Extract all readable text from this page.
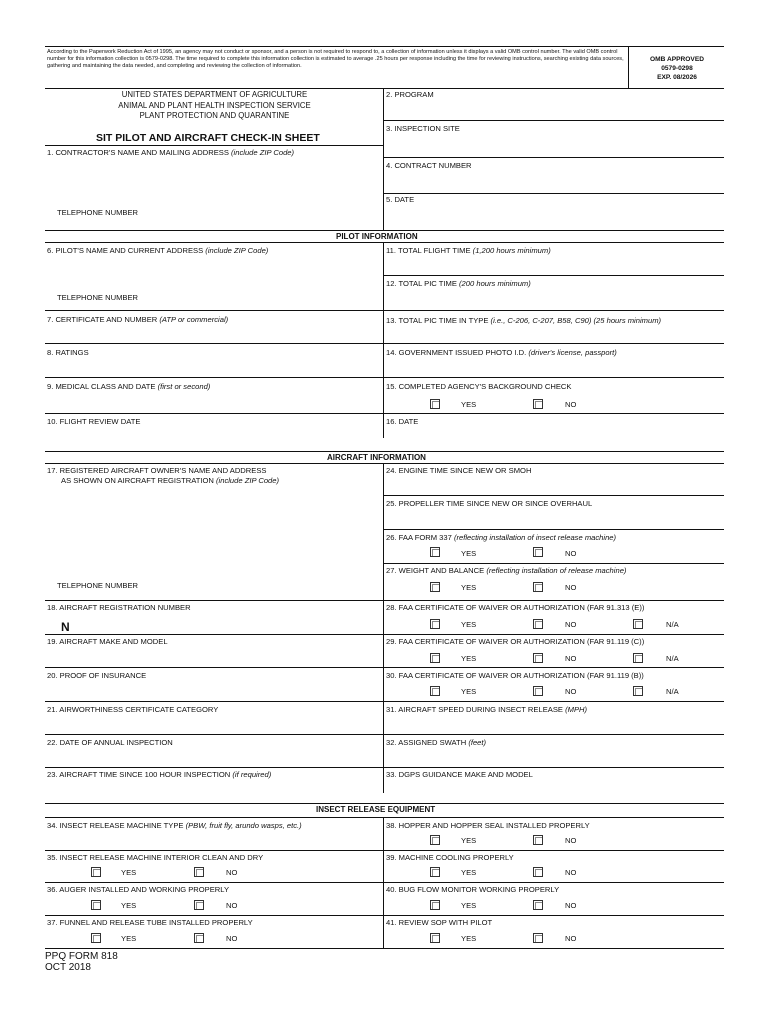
According to the Paperwork Reduction Act of 1995, an agency may not conduct or sponsor, and a person is not required to respond to, a collection of information unless it displays a valid OMB control number. The valid OMB control number for this information collection is 0579-0298. The time required to complete this information collection is estimated to average .25 hours per response including the time for reviewing instructions, searching existing data sources, gathering and maintaining the data needed, and completing and reviewing the collection of information.
OMB APPROVED
0579-0298
EXP. 08/2026
UNITED STATES DEPARTMENT OF AGRICULTURE
ANIMAL AND PLANT HEALTH INSPECTION SERVICE
PLANT PROTECTION AND QUARANTINE
SIT PILOT AND AIRCRAFT CHECK-IN SHEET
1. CONTRACTOR'S NAME AND MAILING ADDRESS (include ZIP Code)
TELEPHONE NUMBER
2. PROGRAM
3. INSPECTION SITE
4. CONTRACT NUMBER
5. DATE
PILOT INFORMATION
6. PILOT'S NAME AND CURRENT ADDRESS (include ZIP Code)
TELEPHONE NUMBER
11. TOTAL FLIGHT TIME (1,200 hours minimum)
12. TOTAL PIC TIME (200 hours minimum)
7. CERTIFICATE AND NUMBER (ATP or commercial)	13. TOTAL PIC TIME IN TYPE (i.e., C-206, C-207, B58, C90) (25 hours minimum)
8. RATINGS	14. GOVERNMENT ISSUED PHOTO I.D. (driver's license, passport)
9. MEDICAL CLASS AND DATE (first or second)	15. COMPLETED AGENCY'S BACKGROUND CHECK
YES	NO
10. FLIGHT REVIEW DATE	16. DATE
AIRCRAFT INFORMATION
17. REGISTERED AIRCRAFT OWNER'S NAME AND ADDRESS
AS SHOWN ON AIRCRAFT REGISTRATION (include ZIP Code)
TELEPHONE NUMBER
24. ENGINE TIME SINCE NEW OR SMOH
25. PROPELLER TIME SINCE NEW OR SINCE OVERHAUL
26. FAA FORM 337 (reflecting installation of insect release machine)
YES	NO
27. WEIGHT AND BALANCE (reflecting installation of release machine)
YES	NO
18. AIRCRAFT REGISTRATION NUMBER
N
28. FAA CERTIFICATE OF WAIVER OR AUTHORIZATION (FAR 91.313 (E))
YES	NO	N/A
19. AIRCRAFT MAKE AND MODEL	29. FAA CERTIFICATE OF WAIVER OR AUTHORIZATION (FAR 91.119 (C))
YES	NO	N/A
20. PROOF OF INSURANCE	30. FAA CERTIFICATE OF WAIVER OR AUTHORIZATION (FAR 91.119 (B))
YES	NO	N/A
21. AIRWORTHINESS CERTIFICATE CATEGORY	31. AIRCRAFT SPEED DURING INSECT RELEASE (MPH)
22. DATE OF ANNUAL INSPECTION	32. ASSIGNED SWATH (feet)
23. AIRCRAFT TIME SINCE 100 HOUR INSPECTION (if required)	33. DGPS GUIDANCE MAKE AND MODEL
INSECT RELEASE EQUIPMENT
34. INSECT RELEASE MACHINE TYPE (PBW, fruit fly, arundo wasps, etc.)	38. HOPPER AND HOPPER SEAL INSTALLED PROPERLY
YES	NO
35. INSECT RELEASE MACHINE INTERIOR CLEAN AND DRY
YES	NO
39. MACHINE COOLING PROPERLY
YES	NO
36. AUGER INSTALLED AND WORKING PROPERLY
YES	NO
40. BUG FLOW MONITOR WORKING PROPERLY
YES	NO
37. FUNNEL AND RELEASE TUBE INSTALLED PROPERLY
YES	NO
41. REVIEW SOP WITH PILOT
YES	NO
PPQ FORM 818
OCT 2018
